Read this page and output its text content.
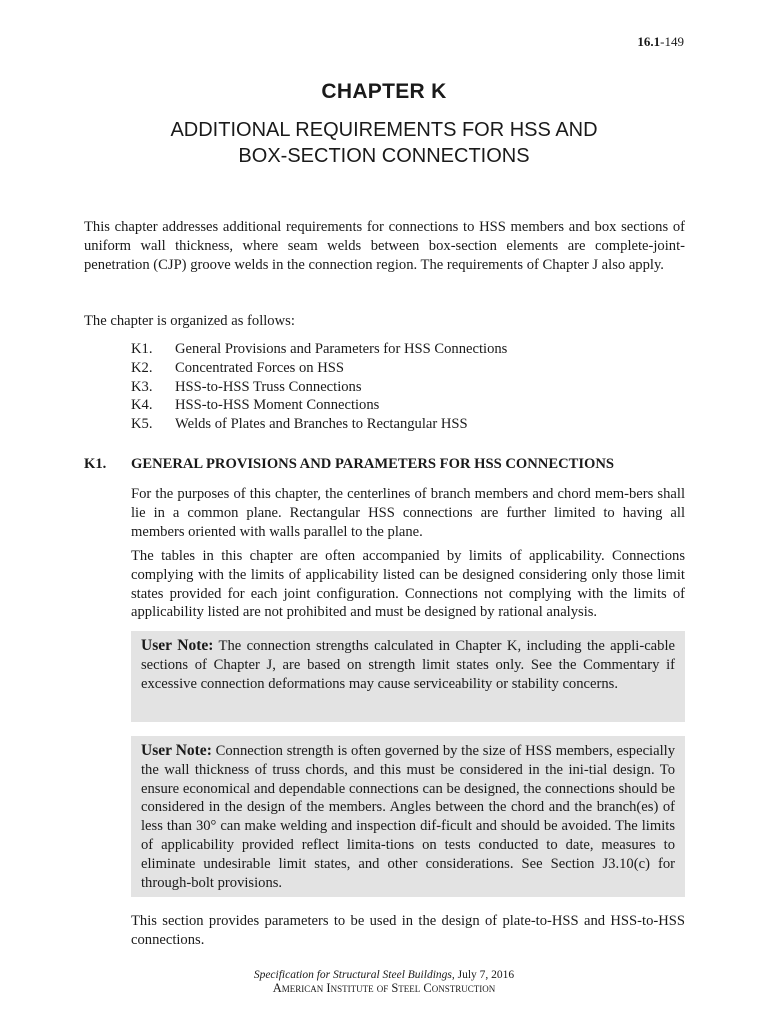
16.1-149
CHAPTER K
ADDITIONAL REQUIREMENTS FOR HSS AND
BOX-SECTION CONNECTIONS

This chapter addresses additional requirements for connections to HSS members and box sections of uniform wall thickness, where seam welds between box-section elements are complete-joint-penetration (CJP) groove welds in the connection region. The requirements of Chapter J also apply.

The chapter is organized as follows:

K1.	General Provisions and Parameters for HSS Connections
K2.	Concentrated Forces on HSS
K3.	HSS-to-HSS Truss Connections
K4.	HSS-to-HSS Moment Connections
K5.	Welds of Plates and Branches to Rectangular HSS
K1.	GENERAL PROVISIONS AND PARAMETERS FOR HSS CONNECTIONS

For the purposes of this chapter, the centerlines of branch members and chord mem-bers shall lie in a common plane. Rectangular HSS connections are further limited to having all members oriented with walls parallel to the plane.

The tables in this chapter are often accompanied by limits of applicability. Connections complying with the limits of applicability listed can be designed considering only those limit states provided for each joint configuration. Connections not complying with the limits of applicability listed are not prohibited and must be designed by rational analysis.

User Note: The connection strengths calculated in Chapter K, including the appli-cable sections of Chapter J, are based on strength limit states only. See the Commentary if excessive connection deformations may cause serviceability or stability concerns.

User Note: Connection strength is often governed by the size of HSS members, especially the wall thickness of truss chords, and this must be considered in the ini-tial design. To ensure economical and dependable connections can be designed, the connections should be considered in the design of the members. Angles between the chord and the branch(es) of less than 30° can make welding and inspection dif-ficult and should be avoided. The limits of applicability provided reflect limita-tions on tests conducted to date, measures to eliminate undesirable limit states, and other considerations. See Section J3.10(c) for through-bolt provisions.

This section provides parameters to be used in the design of plate-to-HSS and HSS-to-HSS connections.

Specification for Structural Steel Buildings, July 7, 2016
American Institute of Steel Construction
